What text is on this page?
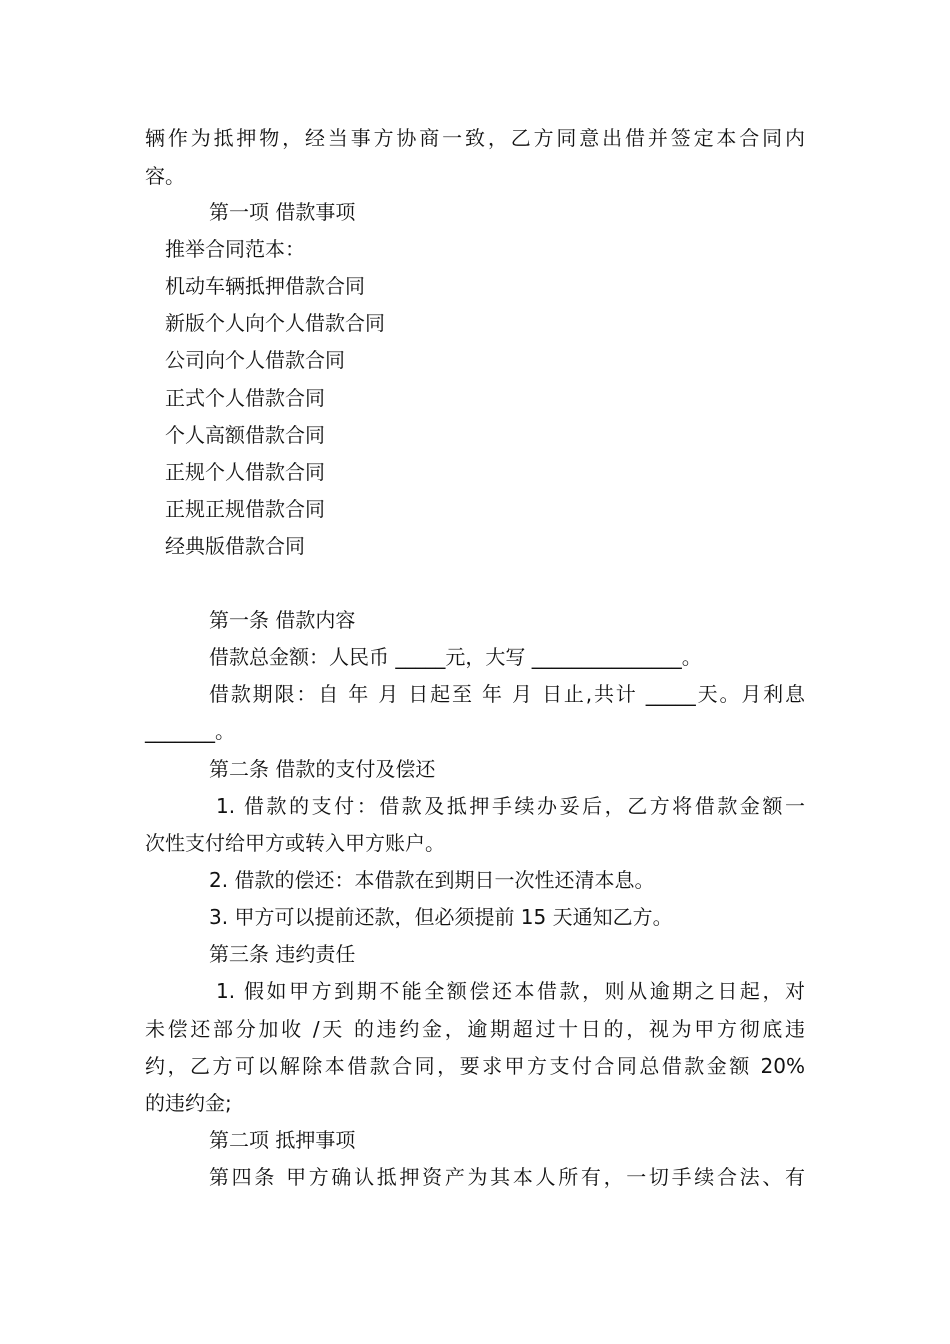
辆作为抵押物，经当事方协商一致，乙方同意出借并签定本合同内
容。
第一项 借款事项
推举合同范本：
机动车辆抵押借款合同
新版个人向个人借款合同
公司向个人借款合同
正式个人借款合同
个人高额借款合同
正规个人借款合同
正规正规借款合同
经典版借款合同
第一条 借款内容
借款总金额：人民币 _____元，大写 _______________。
借款期限：自 年 月 日起至 年 月 日止,共计 _____天。月利息
_______。
第二条 借款的支付及偿还
1. 借款的支付：借款及抵押手续办妥后，乙方将借款金额一
次性支付给甲方或转入甲方账户。
2. 借款的偿还：本借款在到期日一次性还清本息。
3. 甲方可以提前还款，但必须提前 15 天通知乙方。
第三条 违约责任
1. 假如甲方到期不能全额偿还本借款，则从逾期之日起，对
未偿还部分加收 /天 的违约金，逾期超过十日的，视为甲方彻底违
约，乙方可以解除本借款合同，要求甲方支付合同总借款金额 20%
的违约金;
第二项 抵押事项
第四条 甲方确认抵押资产为其本人所有，一切手续合法、有
